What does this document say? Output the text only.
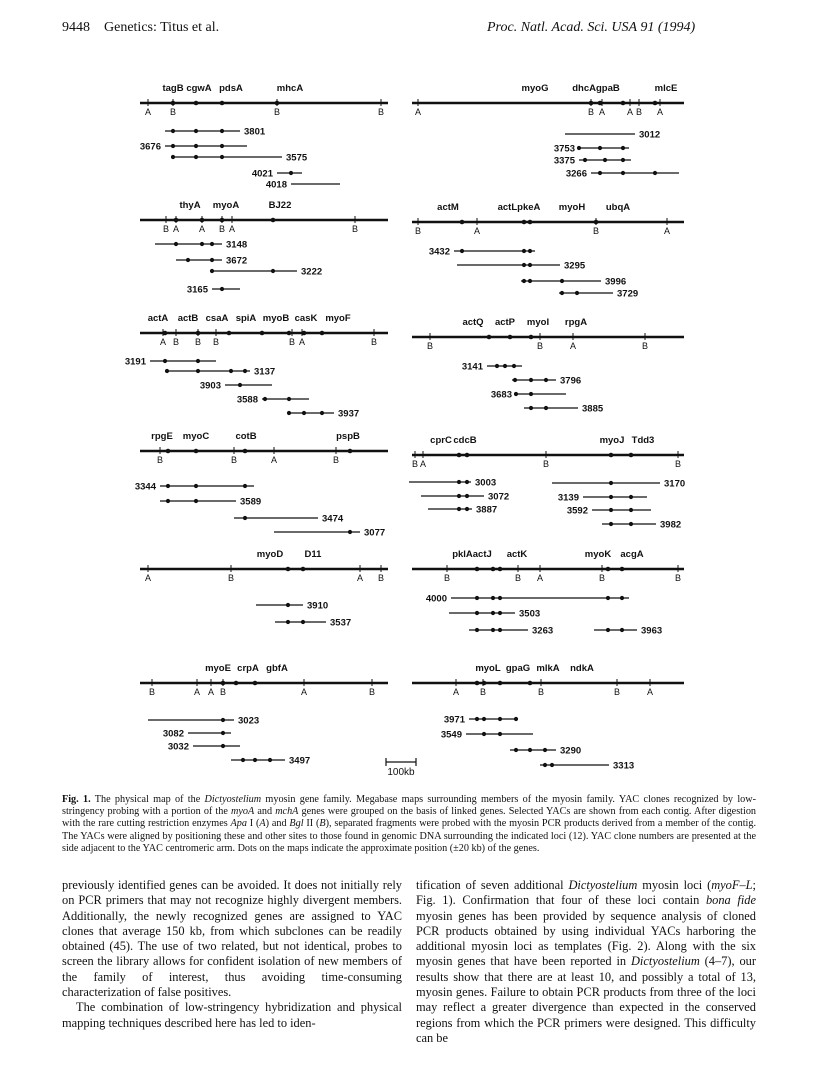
9448    Genetics: Titus et al.	Proc. Natl. Acad. Sci. USA 91 (1994)
tagB cgwA pdsA	mhcA
A B	B	B
3801
3676
3575
4021
4018
myoG	dhcAgpaB	mlcE
A	B A A B A
3012
3753
3375
3266
thyA myoA	BJ22
B A A B A	B
3148
3672
3222
3165
actM	actLpkeA myoH ubqA
B	A	B	A
3432
3295
3996
3729
actA actB csaA spiA myoB casK myoF
A B B B	B A	B
3191
3137
3903
3588
3937
actQ actP myoI rpgA
B	B	A	B
3141
3796
3683
3885
rpgE myoC	cotB	pspB
B	B	A	B
3344
3589
3474
3077
cprC cdcB	myoJ Tdd3
B A	B	B
3003	3170
3072	3139
3887	3592
3982
myoD D11
A	B	A B
3910
3537
pklAactJ actK	myoK acgA
B	B A	B	B
4000
3503
3263	3963
myoE crpA gbfA
B	A A B	A	B
3023
3082
3032
3497
myoL gpaG mlkA ndkA
A B	B	B	A
3971
3549
3290
3313
100kb
Fig. 1. The physical map of the Dictyostelium myosin gene family. Megabase maps surrounding members of the myosin family. YAC clones recognized by low-stringency probing with a portion of the myoA and mchA genes were grouped on the basis of linked genes. Selected YACs are shown from each contig. After digestion with the rare cutting restriction enzymes Apa I (A) and Bgl II (B), separated fragments were probed with the myosin PCR products derived from a member of the contig. The YACs were aligned by positioning these and other sites to those found in genomic DNA surrounding the indicated loci (12). YAC clone numbers are presented at the side adjacent to the YAC centromeric arm. Dots on the maps indicate the approximate position (±20 kb) of the genes.

previously identified genes can be avoided. It does not initially rely on PCR primers that may not recognize highly divergent members. Additionally, the newly recognized genes are assigned to YAC clones that average 150 kb, from which subclones can be readily obtained (45). The use of two related, but not identical, probes to screen the library allows for confident isolation of new members of the family of interest, thus avoiding time-consuming characterization of false positives.

The combination of low-stringency hybridization and physical mapping techniques described here has led to iden-

tification of seven additional Dictyostelium myosin loci (myoF–L; Fig. 1). Confirmation that four of these loci contain bona fide myosin genes has been provided by sequence analysis of cloned PCR products obtained by using individual YACs harboring the additional myosin loci as templates (Fig. 2). Along with the six myosin genes that have been reported in Dictyostelium (4–7), our results show that there are at least 10, and possibly a total of 13, myosin genes. Failure to obtain PCR products from three of the loci may reflect a greater divergence than expected in the conserved regions from which the PCR primers were designed. This difficulty can be
